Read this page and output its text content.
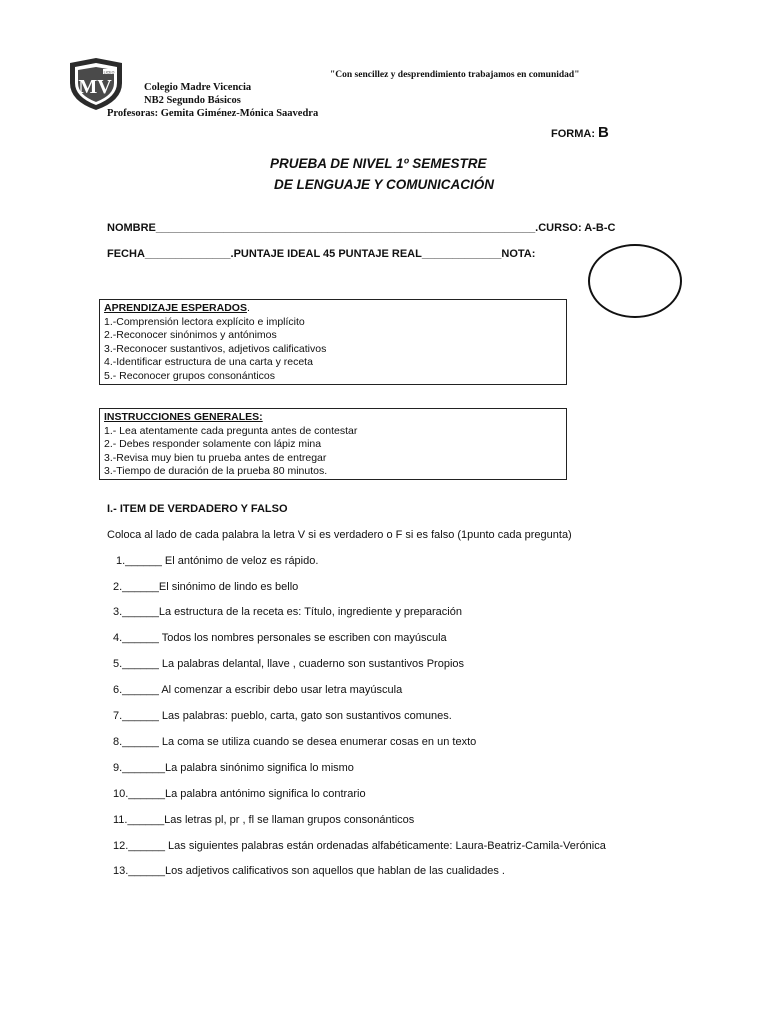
MV
LICEO
Colegio Madre Vicencia
NB2 Segundo Básicos
Profesoras: Gemita Giménez-Mónica Saavedra
"Con sencillez y desprendimiento trabajamos en comunidad"
FORMA: B
PRUEBA DE NIVEL 1º SEMESTRE
DE LENGUAJE Y COMUNICACIÓN
NOMBRE______________________________________________________________.CURSO: A-B-C
FECHA______________.PUNTAJE IDEAL 45 PUNTAJE REAL_____________NOTA:
APRENDIZAJE ESPERADOS.
1.-Comprensión lectora explícito e implícito
2.-Reconocer sinónimos y antónimos
3.-Reconocer sustantivos, adjetivos calificativos
4.-Identificar estructura de una carta y receta
5.- Reconocer grupos consonánticos
INSTRUCCIONES GENERALES:
1.- Lea atentamente cada pregunta antes de contestar
2.- Debes responder solamente con lápiz mina
3.-Revisa muy bien tu prueba antes de entregar
3.-Tiempo de duración de la prueba 80 minutos.
I.- ITEM DE VERDADERO Y FALSO
Coloca al lado de cada palabra la letra V si es verdadero o F si es falso (1punto cada pregunta)
1.______ El antónimo de veloz es rápido.
2.______El sinónimo de lindo es bello
3.______La estructura de la receta es: Título, ingrediente y preparación
4.______ Todos los nombres personales se escriben con mayúscula
5.______ La palabras delantal, llave , cuaderno son sustantivos Propios
6.______ Al comenzar a escribir debo usar letra mayúscula
7.______ Las palabras: pueblo, carta, gato son sustantivos comunes.
8.______ La coma se utiliza cuando se desea enumerar cosas en un texto
9._______La palabra sinónimo significa lo mismo
10.______La palabra antónimo significa lo contrario
11.______Las letras pl, pr , fl se llaman grupos consonánticos
12.______ Las siguientes palabras están ordenadas alfabéticamente: Laura-Beatriz-Camila-Verónica
13.______Los adjetivos calificativos son aquellos que hablan de las cualidades .
